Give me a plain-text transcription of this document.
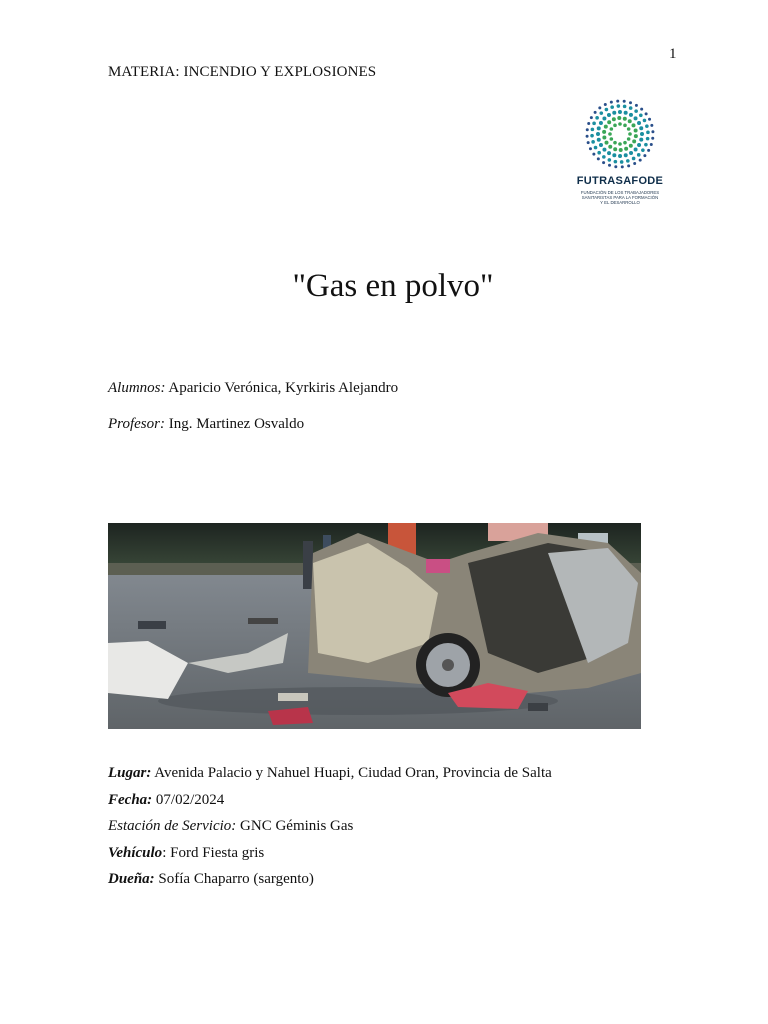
1
MATERIA: INCENDIO Y EXPLOSIONES
FUTRASAFODE
FUNDACIÓN DE LOS TRABAJADORES
SANITARISTAS PARA LA FORMACIÓN
Y EL DESARROLLO
"Gas en polvo"
Alumnos: Aparicio Verónica, Kyrkiris Alejandro
Profesor: Ing. Martinez Osvaldo
Lugar: Avenida Palacio y Nahuel Huapi, Ciudad Oran, Provincia de Salta
Fecha: 07/02/2024
Estación de Servicio: GNC Géminis Gas
Vehículo: Ford Fiesta gris
Dueña: Sofía Chaparro (sargento)
